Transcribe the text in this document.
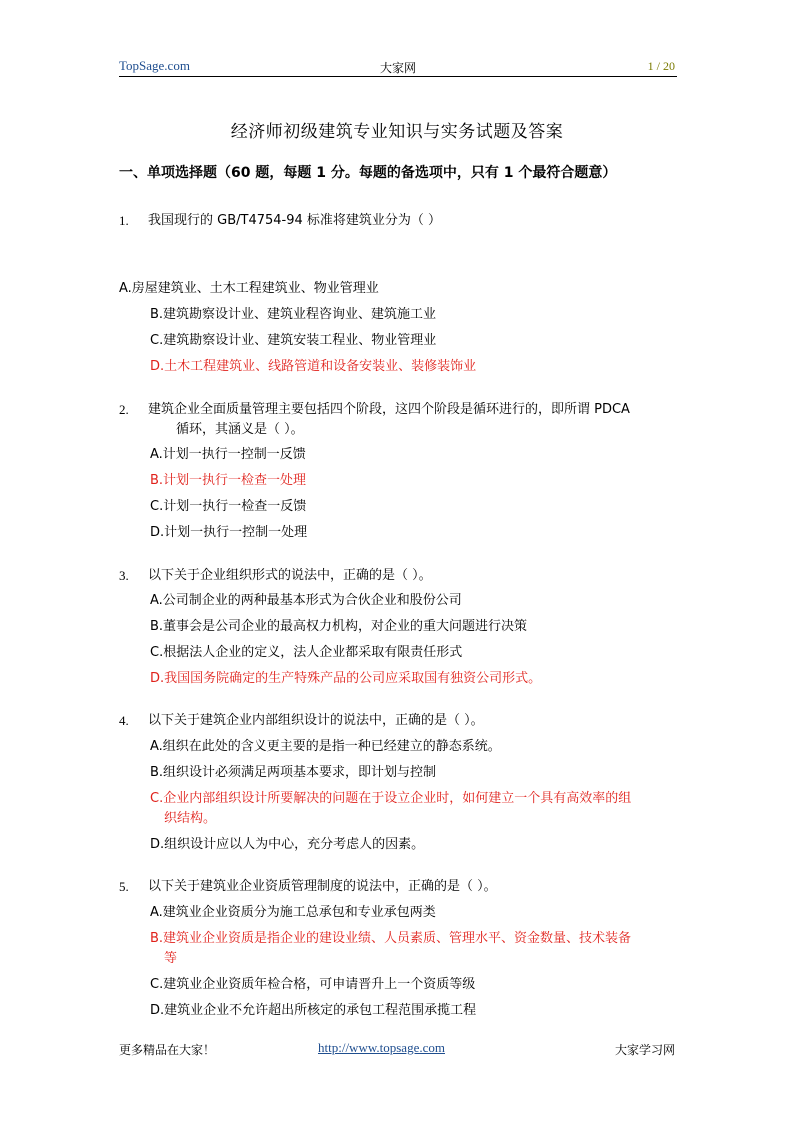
TopSage.com	大家网	1 / 20
经济师初级建筑专业知识与实务试题及答案
一、单项选择题（60 题，每题 1 分。每题的备选项中，只有 1 个最符合题意）
1. 我国现行的 GB/T4754-94 标准将建筑业分为（ ）
A.房屋建筑业、土木工程建筑业、物业管理业
B.建筑勘察设计业、建筑业程咨询业、建筑施工业
C.建筑勘察设计业、建筑安装工程业、物业管理业
D.土木工程建筑业、线路管道和设备安装业、装修装饰业
2. 建筑企业全面质量管理主要包括四个阶段，这四个阶段是循环进行的，即所谓 PDCA
循环，其涵义是（ ）。
A.计划一执行一控制一反馈
B.计划一执行一检查一处理
C.计划一执行一检查一反馈
D.计划一执行一控制一处理
3. 以下关于企业组织形式的说法中，正确的是（ ）。
A.公司制企业的两种最基本形式为合伙企业和股份公司
B.董事会是公司企业的最高权力机构，对企业的重大问题进行决策
C.根据法人企业的定义，法人企业都采取有限责任形式
D.我国国务院确定的生产特殊产品的公司应采取国有独资公司形式。
4. 以下关于建筑企业内部组织设计的说法中，正确的是（ ）。
A.组织在此处的含义更主要的是指一种已经建立的静态系统。
B.组织设计必须满足两项基本要求，即计划与控制
C.企业内部组织设计所要解决的问题在于设立企业时，如何建立一个具有高效率的组
织结构。
D.组织设计应以人为中心，充分考虑人的因素。
5. 以下关于建筑业企业资质管理制度的说法中，正确的是（ ）。
A.建筑业企业资质分为施工总承包和专业承包两类
B.建筑业企业资质是指企业的建设业绩、人员素质、管理水平、资金数量、技术装备
等
C.建筑业企业资质年检合格，可申请晋升上一个资质等级
D.建筑业企业不允许超出所核定的承包工程范围承揽工程
更多精品在大家！	http://www.topsage.com	大家学习网
